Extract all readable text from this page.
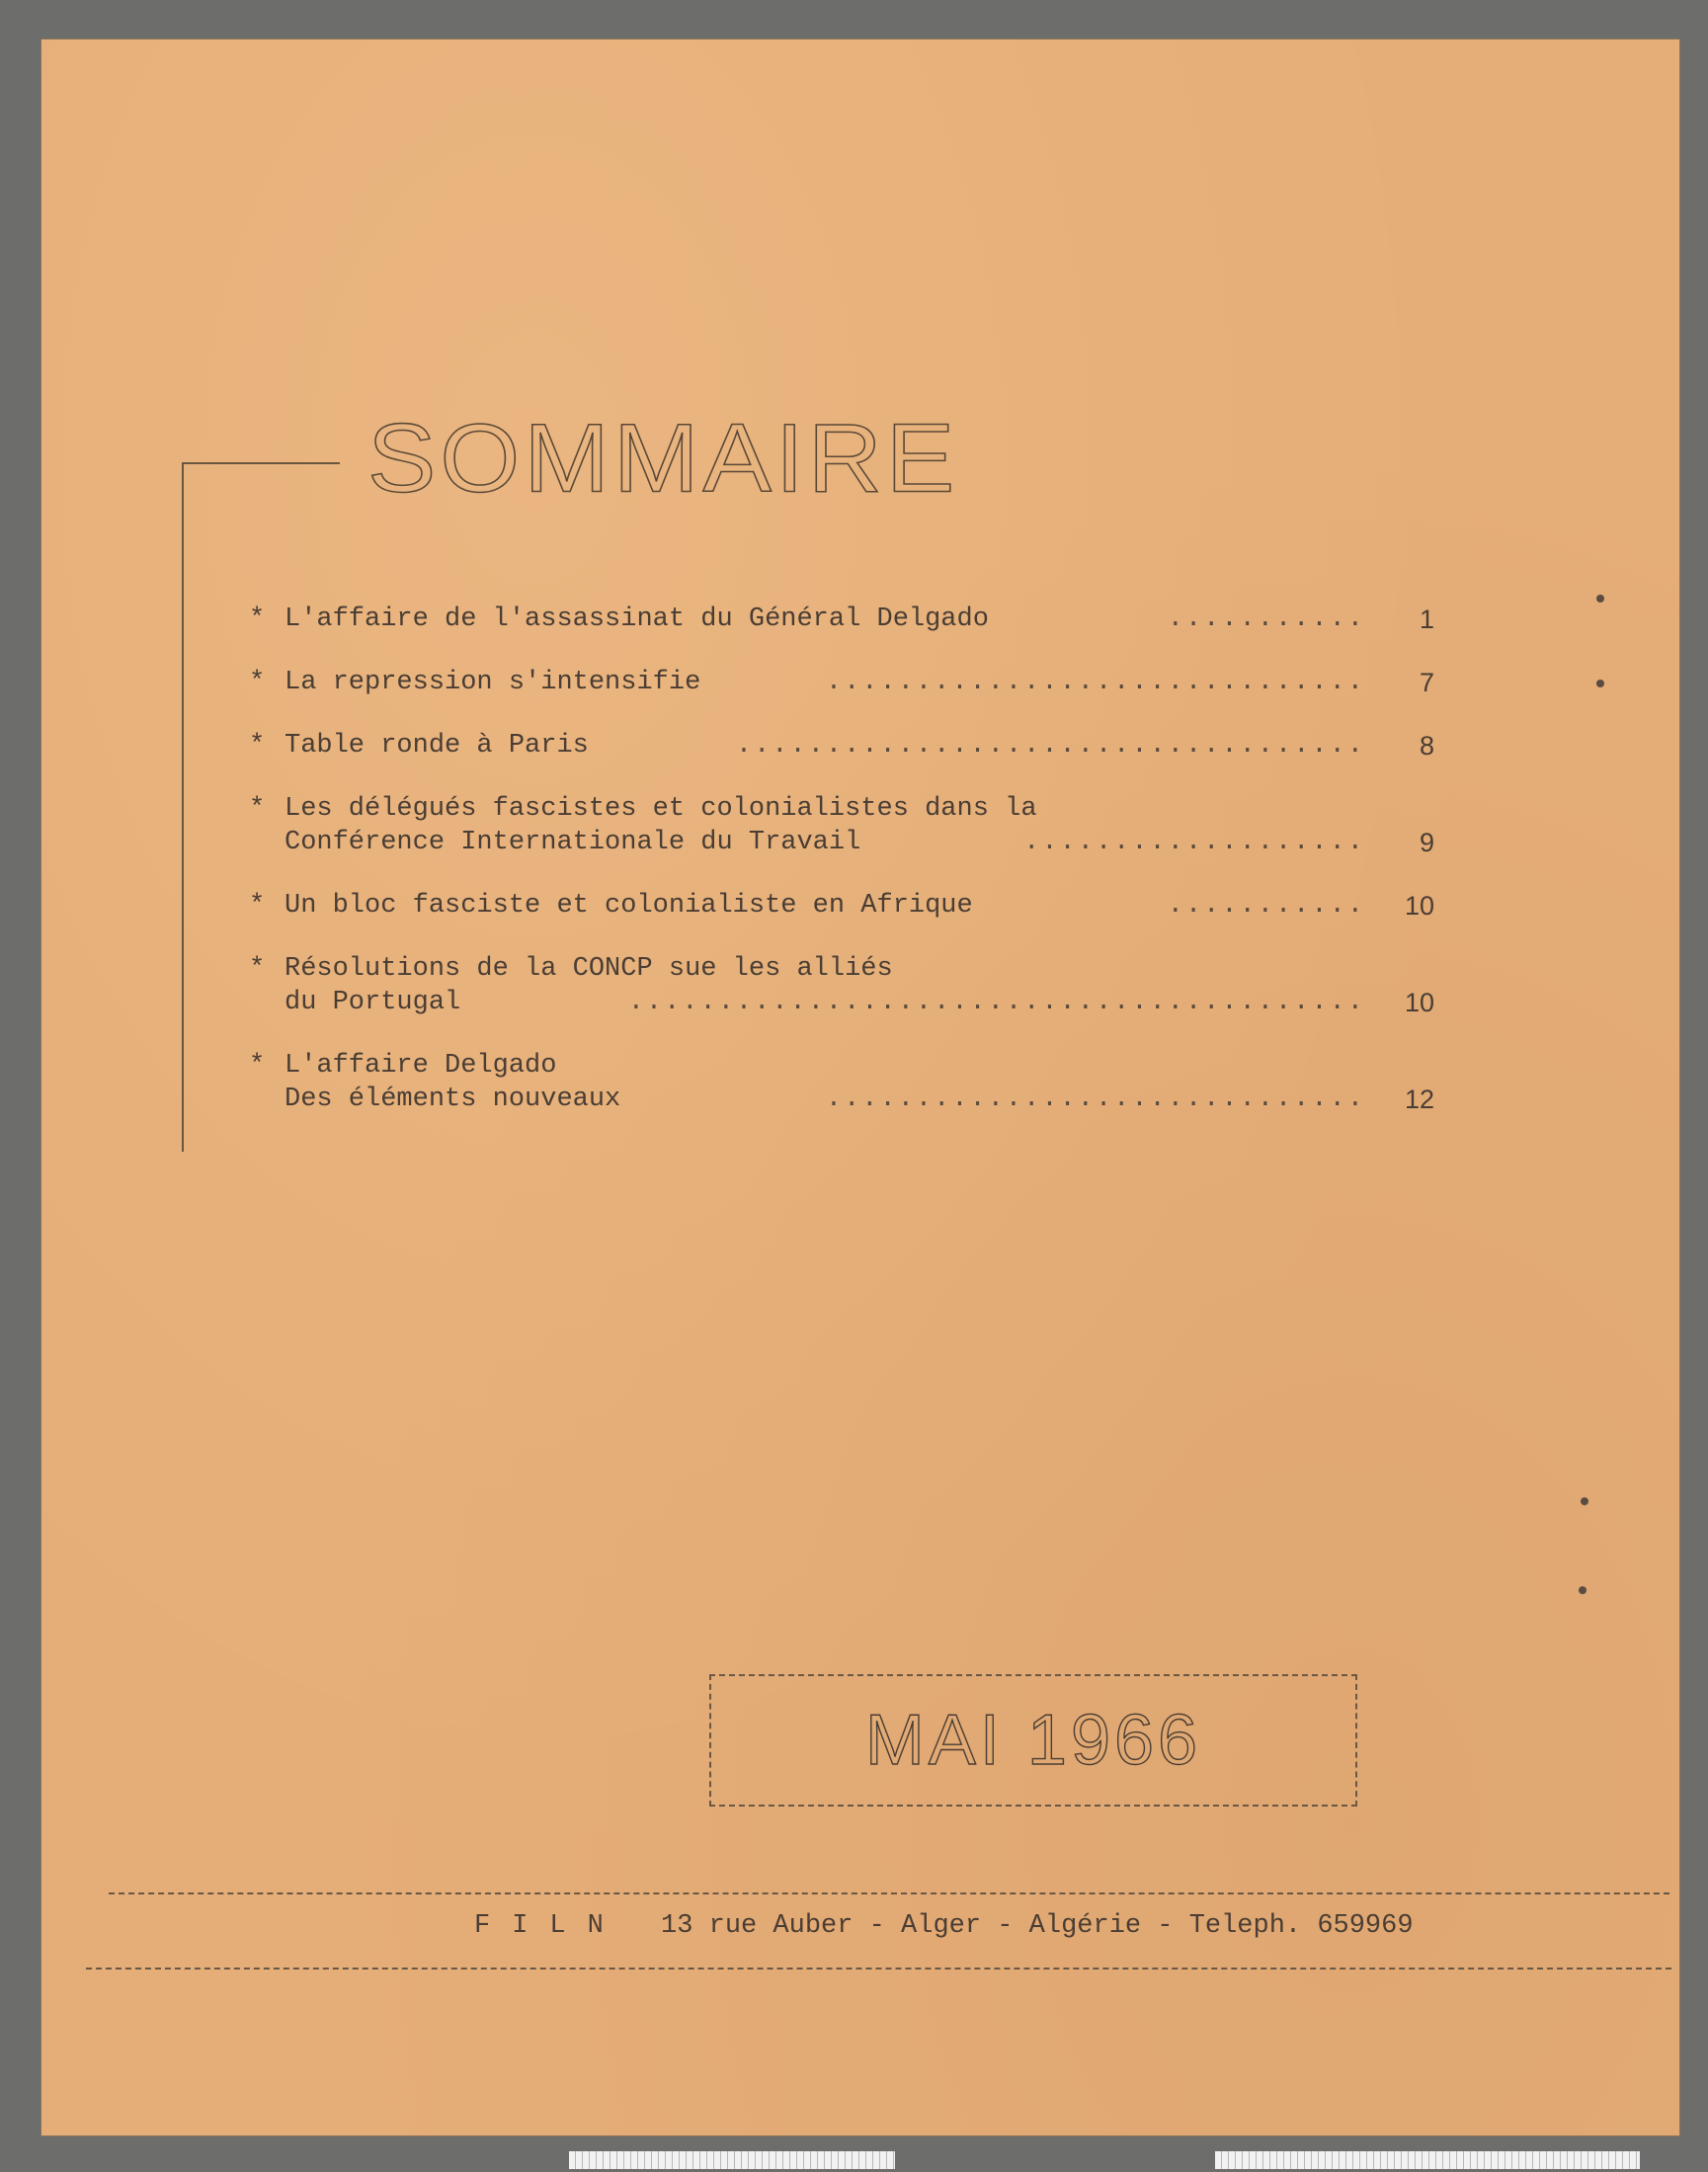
SOMMAIRE
* L'affaire de l'assassinat du Général Delgado	...........	1
* La repression s'intensifie	..............................	7
* Table ronde à Paris	...................................	8
* Les délégués fascistes et colonialistes dans la
Conférence Internationale du Travail	...................	9
* Un bloc fasciste et colonialiste en Afrique	...........	10
* Résolutions de la CONCP sue les alliés
du Portugal	.........................................	10
* L'affaire Delgado
Des éléments nouveaux	..............................	12
MAI 1966
FILN 13 rue Auber - Alger - Algérie - Teleph. 659969
